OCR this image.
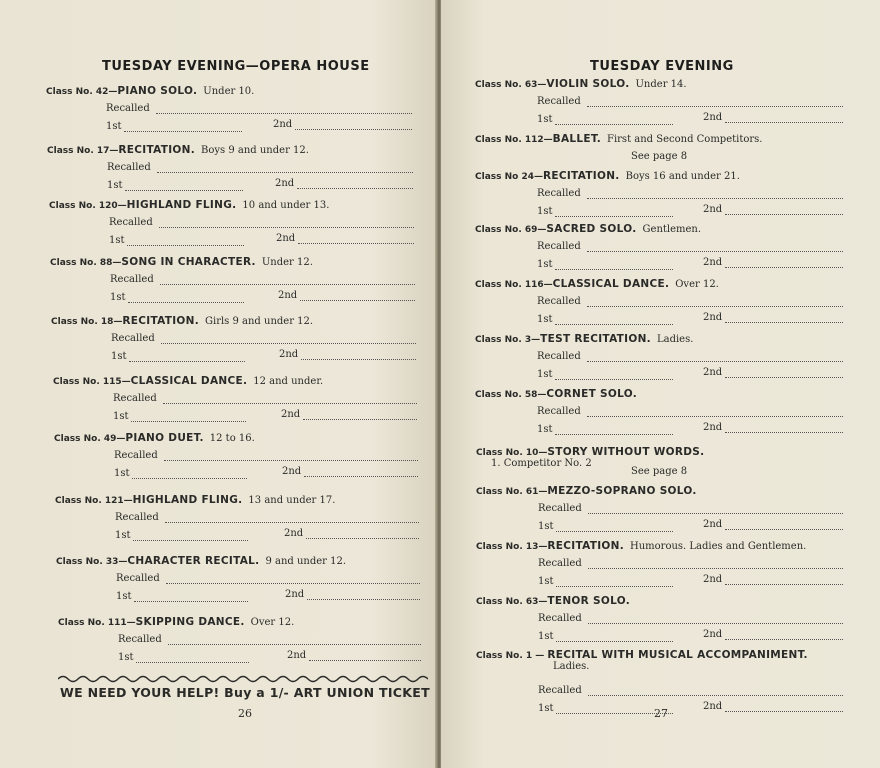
TUESDAY EVENING—OPERA HOUSE
Class No. 42—PIANO SOLO. Under 10.
Recalled
1st	2nd
Class No. 17—RECITATION. Boys 9 and under 12.
Recalled
1st	2nd
Class No. 120—HIGHLAND FLING. 10 and under 13.
Recalled
1st	2nd
Class No. 88—SONG IN CHARACTER. Under 12.
Recalled
1st	2nd
Class No. 18—RECITATION. Girls 9 and under 12.
Recalled
1st	2nd
Class No. 115—CLASSICAL DANCE. 12 and under.
Recalled
1st	2nd
Class No. 49—PIANO DUET. 12 to 16.
Recalled
1st	2nd
Class No. 121—HIGHLAND FLING. 13 and under 17.
Recalled
1st	2nd
Class No. 33—CHARACTER RECITAL. 9 and under 12.
Recalled
1st	2nd
Class No. 111—SKIPPING DANCE. Over 12.
Recalled
1st	2nd
WE NEED YOUR HELP! Buy a 1/- ART UNION TICKET
26
TUESDAY EVENING
Class No. 63—VIOLIN SOLO. Under 14.
Recalled
1st	2nd
Class No. 112—BALLET. First and Second Competitors.
See page 8
Class No 24—RECITATION. Boys 16 and under 21.
Recalled
1st	2nd
Class No. 69—SACRED SOLO. Gentlemen.
Recalled
1st	2nd
Class No. 116—CLASSICAL DANCE. Over 12.
Recalled
1st	2nd
Class No. 3—TEST RECITATION. Ladies.
Recalled
1st	2nd
Class No. 58—CORNET SOLO.
Recalled
1st	2nd
Class No. 10—STORY WITHOUT WORDS.
1. Competitor No. 2
See page 8
Class No. 61—MEZZO-SOPRANO SOLO.
Recalled
1st	2nd
Class No. 13—RECITATION. Humorous. Ladies and Gentlemen.
Recalled
1st	2nd
Class No. 63—TENOR SOLO.
Recalled
1st	2nd
Class No. 1 — RECITAL WITH MUSICAL ACCOMPANIMENT.
Ladies.
Recalled
1st	2nd
27
